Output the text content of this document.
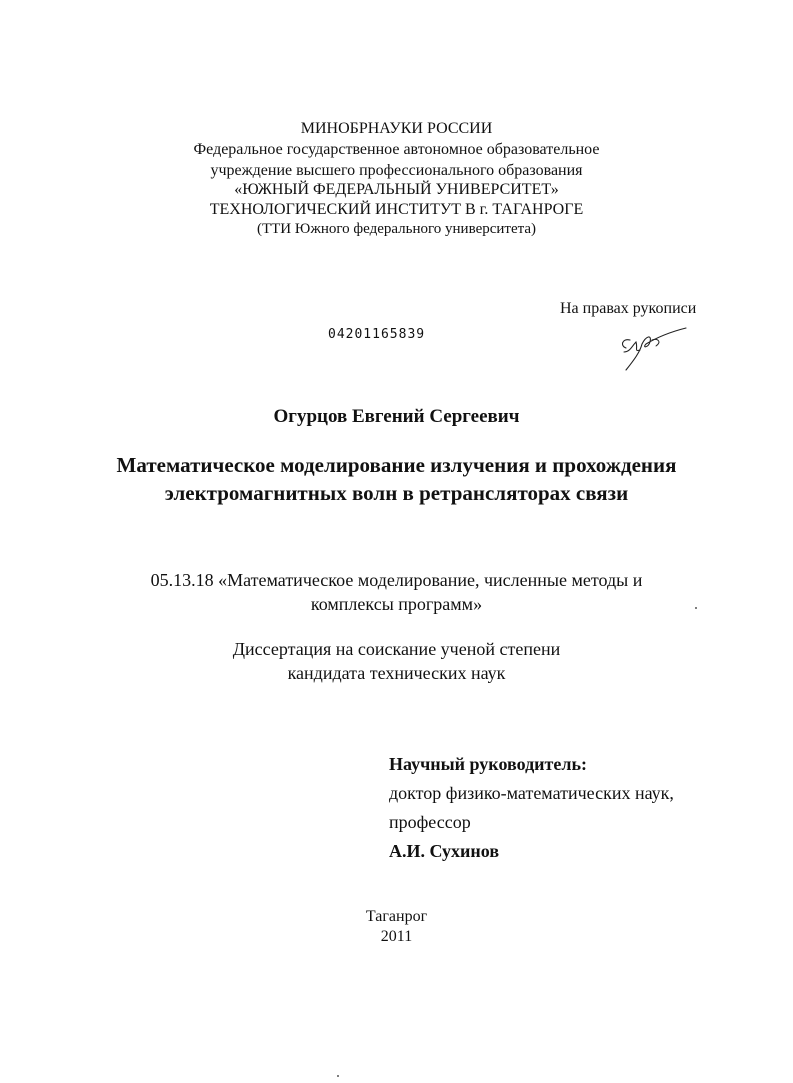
МИНОБРНАУКИ РОССИИ
Федеральное государственное автономное образовательное
учреждение высшего профессионального образования
«ЮЖНЫЙ ФЕДЕРАЛЬНЫЙ УНИВЕРСИТЕТ»
ТЕХНОЛОГИЧЕСКИЙ ИНСТИТУТ В г. ТАГАНРОГЕ
(ТТИ Южного федерального университета)
На правах рукописи
04201165839
Огурцов Евгений Сергеевич
Математическое моделирование излучения и прохождения
электромагнитных волн в ретрансляторах связи
05.13.18 «Математическое моделирование, численные методы и
комплексы программ»
Диссертация на соискание ученой степени
кандидата технических наук
Научный руководитель:
доктор физико-математических наук,
профессор
А.И. Сухинов
Таганрог
2011
